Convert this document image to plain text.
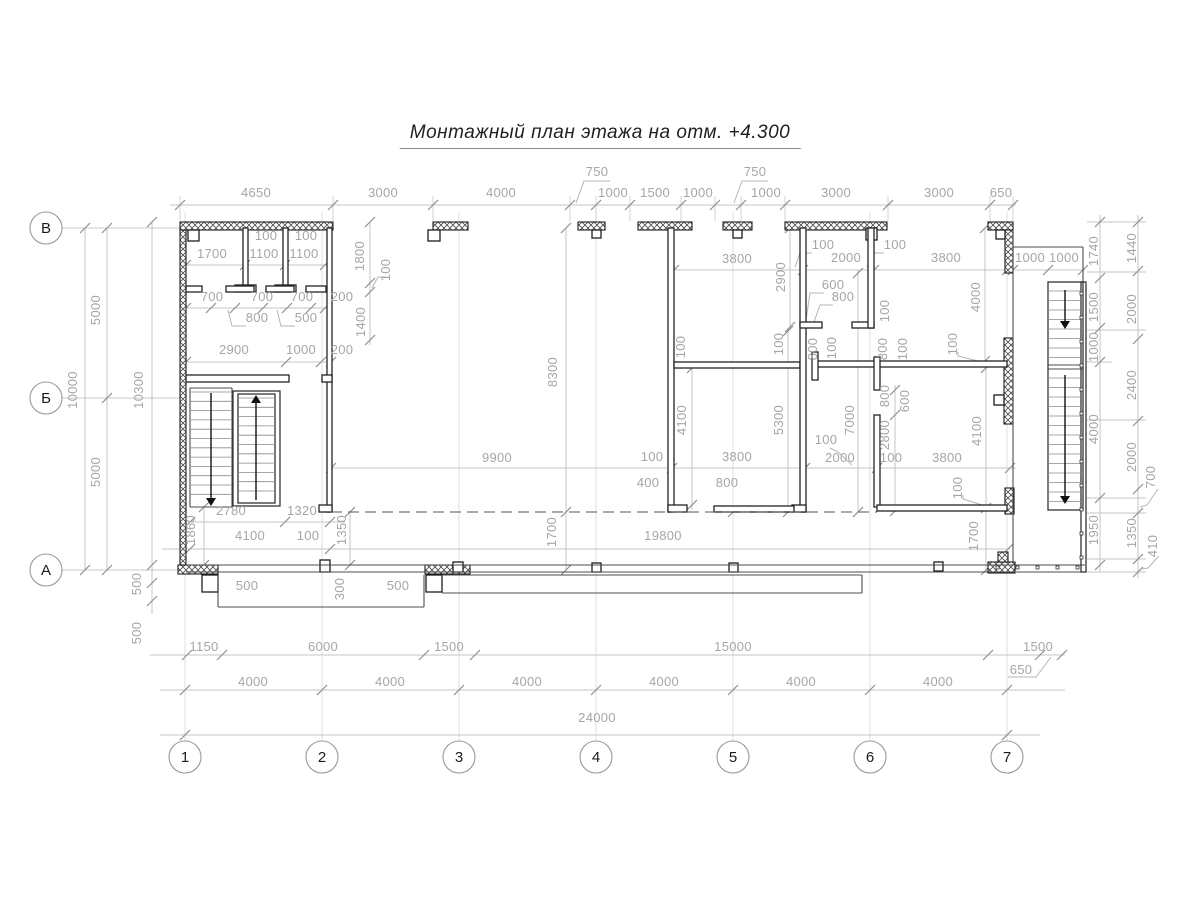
Монтажный план этажа на отм. +4.300
4650	3000	4000
750
1000 1500 1000
750
1000	3000	3000	650
5000
10000	10300
5000
500
500
1740
1500
1000
4000
1950
1440
2000
2400
2000
700
1350 410
1150	6000	1500	15000	1500
650
4000	4000	4000	4000	4000	4000
24000
500	300	500
100 100
1700 1100 1100	1800 100
700 700 700 200
800 500	1400
2900	1000 200
1860
2780	1320
4100 100 1350
8300
3800
2900
100
2000
100
3800
600
800	4000
1000 1000
100	100
4100	5300
800 100
100
800 100	100
9900	100	3800
400	800
1700	19800
7000
800 600
2800	4100
100
2000 100 3800
100
1700
1	2	3	4	5	6	7
В
Б
А
